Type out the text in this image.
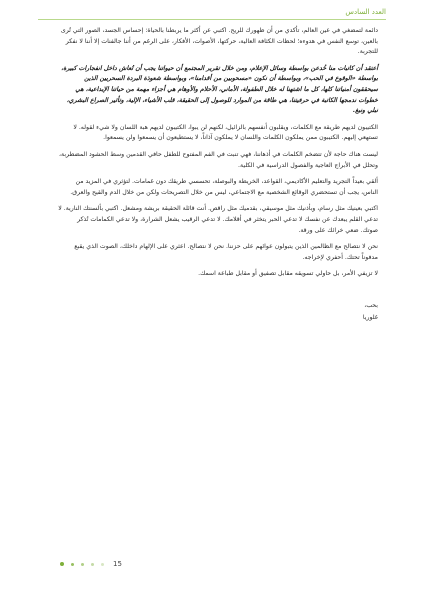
العدد السادس

دائمة لتمضغي في عين العالم، تأكدي من أن ظهورك للريح. اكتبي عن أكثر ما يربطنا بالحياة: إحساس الجسد، الصور التي تُرى بالعين، توسع النفس في هدوءه؛ لحظات الكثافة العالية، حركتها، الأصوات، الأفكار، على الرغم من أننا جالفنات إلا أننا لا نفكر للتجربة.

أعتقد أن كاتبات منا خُدعن بواسطة وسائل الإعلام، ومن خلال تقرير المجتمع أن حيواتنا يجب أن تُعاش داخل انفجارات كبيرة، بواسطة «الوقوع في الحب»، وبواسطة أن نكون «مسحوبين من أقدامنا»، وبواسطة شعوذة البردة السحريين الذين سيحققون أمنياتنا كلها، كل ما اشتهنا له خلال الطفولة، الأماني، الأحلام والأوهام هي أجزاء مهمة من حياتنا الإبداعية، هي خطوات ندمجها الكاتبة في حرفيتنا، هي طاقة من الموارد للوصول إلى الحقيقة، قلب الأشياء، الإلية، وتأثير الصراع البشري، نبلي ونبغ.

الكتيبون لديهم طريقة مع الكلمات، ويقلبون أنفسهم بالزائيل، لكنهم لن يبوا، الكتيبون لديهم هبة اللسان ولا شيء لقوله. لا تستهعي إليهم. الكتيبون ممن يملكون الكلمات واللسان لا يملكون آذاناً، لا يستطيعون أن يسمعوا ولن يسمعوا.

ليست هناك حاجة لأن تتضخم الكلمات في أذهاننا، فهي تنبت في الفم المفتوح للطفل حافي القدمين وسط الحشود المضطربة، وتحلل في الأبراج العاجية والفصول الدراسية في الكلية.

ألقي بعيداً التجريد والتعليم الأكاديمي، القواعد، الخريطة والبوصلة، تحسسي طريقك دون غمامات. لتؤثري في المزيد من الناس، يجب أن تستحضري الوقائع الشخصية مع الاجتماعي، ليس من خلال التصريحات ولكن من خلال الدم والقيح والعرق.

اكتبي بعينيك مثل رسام، وبأذنيك مثل موسيقي، بقدميك مثل راقص. أنت قائلة الحقيقة بريشة ومشعل. اكتبي بألسنتك النارية. لا تدعي القلم يبعدك عن نفسك لا تدعي الحبر يتخثر في أقلامك. لا تدعي الرقيب يشعل الشرارة، ولا تدعي الكمامات تُذكر صوتك. ضعي خرائك على ورقة.

نحن لا نتصالح مع الظالمين الذين يتبولون عوائهم على حزننا. نحن لا نتصالح. اعثري على الإلهام داخلك، الصوت الذي يقبع مدفوناً تحتك. أحفري لإخراجه.

لا تزيفي الأمر، بل حاولي تسويقه مقابل تصفيق أو مقابل طباعة اسمك.

بحب،
غلوريا
15
